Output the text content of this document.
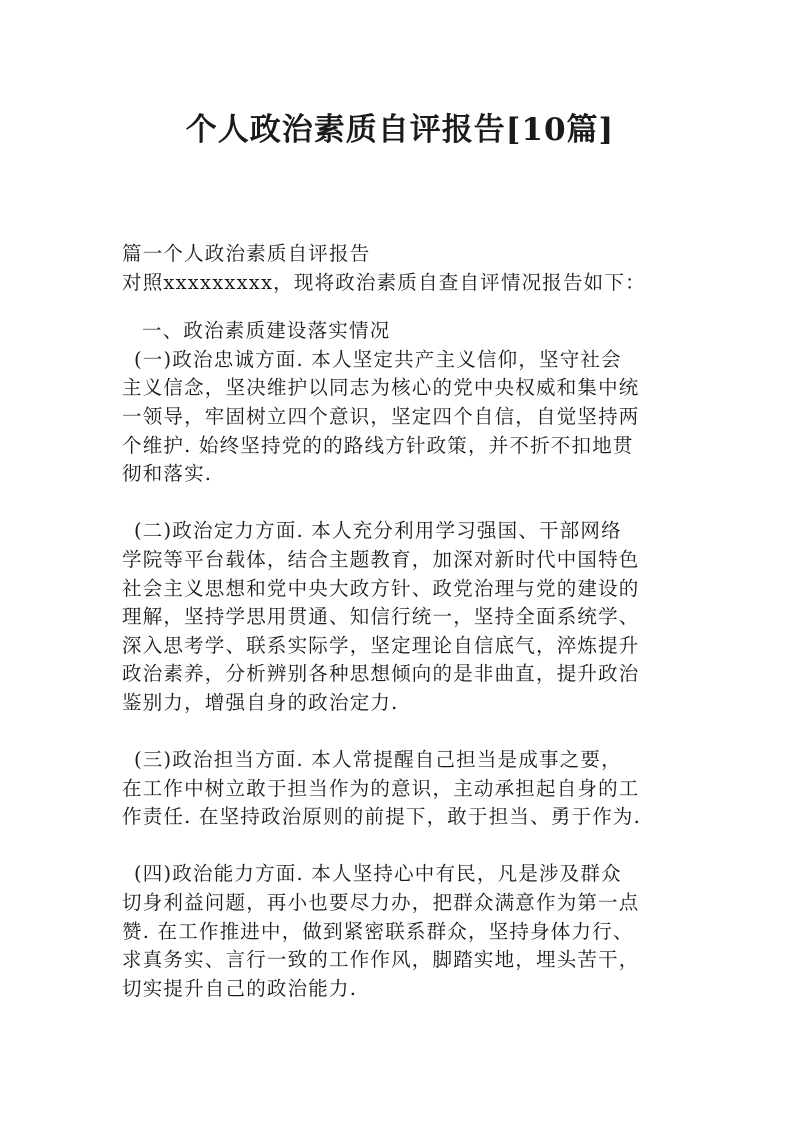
个人政治素质自评报告[10篇]
篇一个人政治素质自评报告
对照xxxxxxxxx，现将政治素质自查自评情况报告如下：
一、政治素质建设落实情况
(一)政治忠诚方面. 本人坚定共产主义信仰，坚守社会
主义信念，坚决维护以同志为核心的党中央权威和集中统
一领导，牢固树立四个意识，坚定四个自信，自觉坚持两
个维护. 始终坚持党的的路线方针政策，并不折不扣地贯
彻和落实.
(二)政治定力方面. 本人充分利用学习强国、干部网络
学院等平台载体，结合主题教育，加深对新时代中国特色
社会主义思想和党中央大政方针、政党治理与党的建设的
理解，坚持学思用贯通、知信行统一，坚持全面系统学、
深入思考学、联系实际学，坚定理论自信底气，淬炼提升
政治素养，分析辨别各种思想倾向的是非曲直，提升政治
鉴别力，增强自身的政治定力.
(三)政治担当方面. 本人常提醒自己担当是成事之要，
在工作中树立敢于担当作为的意识，主动承担起自身的工
作责任. 在坚持政治原则的前提下，敢于担当、勇于作为.
(四)政治能力方面. 本人坚持心中有民，凡是涉及群众
切身利益问题，再小也要尽力办，把群众满意作为第一点
赞. 在工作推进中，做到紧密联系群众，坚持身体力行、
求真务实、言行一致的工作作风，脚踏实地，埋头苦干，
切实提升自己的政治能力.
